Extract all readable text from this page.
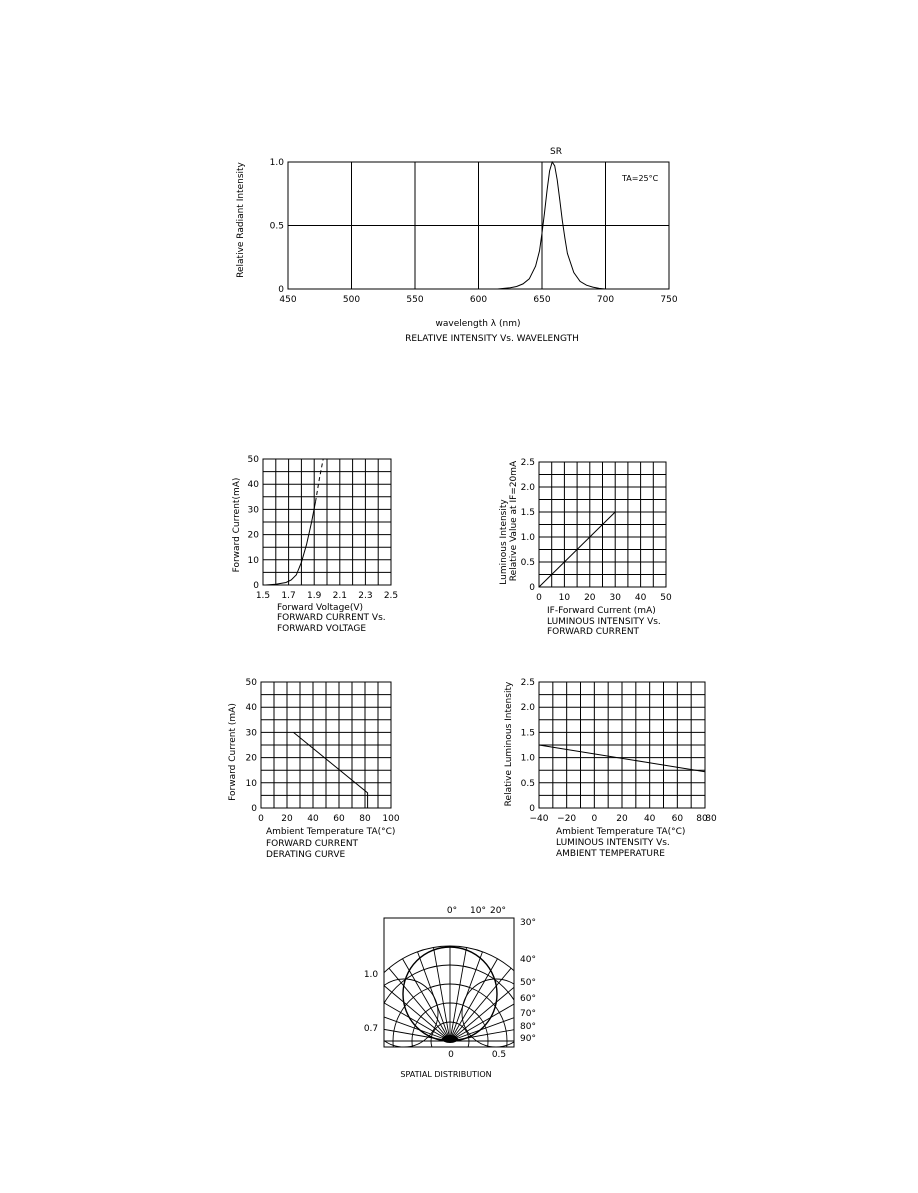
450	500	550	600	650	700	750
0
0.5
1.0
SR
TA=25°C
wavelength λ (nm)
Relative Radiant Intensity
RELATIVE INTENSITY Vs. WAVELENGTH
1.5 1.7 1.9 2.1 2.3 2.5
0
10
20
30
40
50
Forward Voltage(V)
Forward Current(mA)
FORWARD CURRENT Vs.
FORWARD VOLTAGE
0 10 20 30 40 50
0
0.5
1.0
1.5
2.0
2.5
IF-Forward Current (mA)
Luminous Intensity Relative Value at IF=20mA
LUMINOUS INTENSITY Vs.
FORWARD CURRENT
0 20 40 60 80 100
0
10
20
30
40
50
Ambient Temperature TA(°C)
Forward Current (mA)
FORWARD CURRENT
DERATING CURVE
−40 −20 0 20 40 60 80
80
0
0.5
1.0
1.5
2.0
2.5
Ambient Temperature TA(°C)
Relative Luminous Intensity
LUMINOUS INTENSITY Vs.
AMBIENT TEMPERATURE
0° 10° 20°
30°
40°
50°
60°
70°
80°
90°
1.0
0.7
0	0.5
SPATIAL DISTRIBUTION
